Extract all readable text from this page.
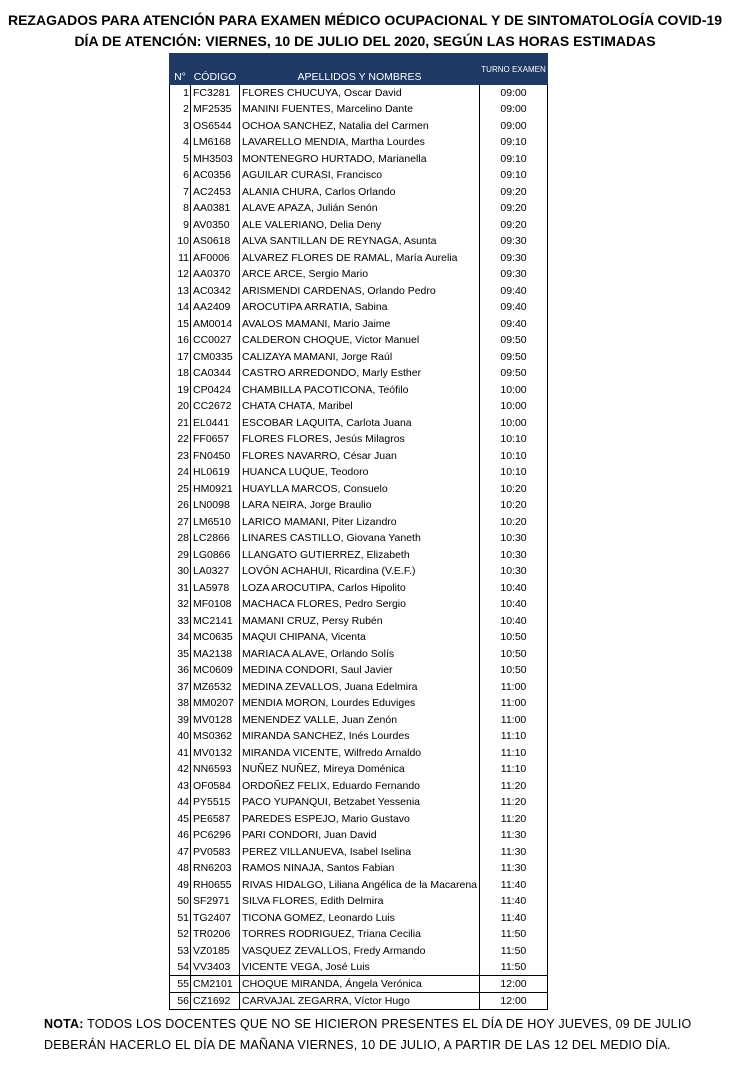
REZAGADOS PARA ATENCIÓN PARA EXAMEN MÉDICO OCUPACIONAL Y DE SINTOMATOLOGÍA COVID-19
DÍA DE ATENCIÓN: VIERNES, 10 DE JULIO DEL 2020, SEGÚN LAS HORAS ESTIMADAS
N°	CÓDIGO	APELLIDOS Y NOMBRES	TURNO EXAMEN
1	FC3281	FLORES CHUCUYA, Oscar David	09:00
2	MF2535	MANINI FUENTES, Marcelino Dante	09:00
3	OS6544	OCHOA SANCHEZ, Natalia del Carmen	09:00
4	LM6168	LAVARELLO MENDIA, Martha Lourdes	09:10
5	MH3503	MONTENEGRO HURTADO, Marianella	09:10
6	AC0356	AGUILAR CURASI, Francisco	09:10
7	AC2453	ALANIA CHURA, Carlos Orlando	09:20
8	AA0381	ALAVE APAZA, Julián Senón	09:20
9	AV0350	ALE VALERIANO, Delia Deny	09:20
10	AS0618	ALVA SANTILLAN DE REYNAGA, Asunta	09:30
11	AF0006	ALVAREZ FLORES DE RAMAL, María Aurelia	09:30
12	AA0370	ARCE ARCE, Sergio Mario	09:30
13	AC0342	ARISMENDI CARDENAS, Orlando Pedro	09:40
14	AA2409	AROCUTIPA ARRATIA, Sabina	09:40
15	AM0014	AVALOS MAMANI, Mario Jaime	09:40
16	CC0027	CALDERON CHOQUE, Victor Manuel	09:50
17	CM0335	CALIZAYA MAMANI, Jorge Raúl	09:50
18	CA0344	CASTRO ARREDONDO, Marly Esther	09:50
19	CP0424	CHAMBILLA PACOTICONA, Teófilo	10:00
20	CC2672	CHATA CHATA, Maribel	10:00
21	EL0441	ESCOBAR LAQUITA, Carlota Juana	10:00
22	FF0657	FLORES FLORES, Jesús Milagros	10:10
23	FN0450	FLORES NAVARRO, César Juan	10:10
24	HL0619	HUANCA LUQUE, Teodoro	10:10
25	HM0921	HUAYLLA MARCOS, Consuelo	10:20
26	LN0098	LARA NEIRA, Jorge Braulio	10:20
27	LM6510	LARICO MAMANI, Piter Lizandro	10:20
28	LC2866	LINARES CASTILLO, Giovana Yaneth	10:30
29	LG0866	LLANGATO GUTIERREZ, Elizabeth	10:30
30	LA0327	LOVÓN ACHAHUI, Ricardina (V.E.F.)	10:30
31	LA5978	LOZA AROCUTIPA, Carlos Hipolito	10:40
32	MF0108	MACHACA FLORES, Pedro Sergio	10:40
33	MC2141	MAMANI CRUZ, Persy Rubén	10:40
34	MC0635	MAQUI CHIPANA, Vicenta	10:50
35	MA2138	MARIACA ALAVE, Orlando Solís	10:50
36	MC0609	MEDINA CONDORI, Saul Javier	10:50
37	MZ6532	MEDINA ZEVALLOS, Juana Edelmira	11:00
38	MM0207	MENDIA MORON, Lourdes Eduviges	11:00
39	MV0128	MENENDEZ VALLE, Juan Zenón	11:00
40	MS0362	MIRANDA SANCHEZ, Inés Lourdes	11:10
41	MV0132	MIRANDA VICENTE, Wilfredo Arnaldo	11:10
42	NN6593	NUÑEZ NUÑEZ, Mireya Doménica	11:10
43	OF0584	ORDOÑEZ FELIX, Eduardo Fernando	11:20
44	PY5515	PACO YUPANQUI, Betzabet Yessenia	11:20
45	PE6587	PAREDES ESPEJO, Mario Gustavo	11:20
46	PC6296	PARI CONDORI, Juan David	11:30
47	PV0583	PEREZ VILLANUEVA, Isabel Iselina	11:30
48	RN6203	RAMOS NINAJA, Santos Fabian	11:30
49	RH0655	RIVAS HIDALGO, Liliana Angélica de la Macarena	11:40
50	SF2971	SILVA FLORES, Edith Delmira	11:40
51	TG2407	TICONA GOMEZ, Leonardo Luis	11:40
52	TR0206	TORRES RODRIGUEZ, Triana Cecilia	11:50
53	VZ0185	VASQUEZ ZEVALLOS, Fredy Armando	11:50
54	VV3403	VICENTE VEGA, José Luis	11:50
55	CM2101	CHOQUE MIRANDA, Ángela Verónica	12:00
56	CZ1692	CARVAJAL ZEGARRA, Víctor Hugo	12:00
NOTA: TODOS LOS DOCENTES QUE NO SE HICIERON PRESENTES EL DÍA DE HOY JUEVES, 09 DE JULIO DEBERÁN HACERLO EL DÍA DE MAÑANA VIERNES, 10 DE JULIO, A PARTIR DE LAS 12 DEL MEDIO DÍA.
